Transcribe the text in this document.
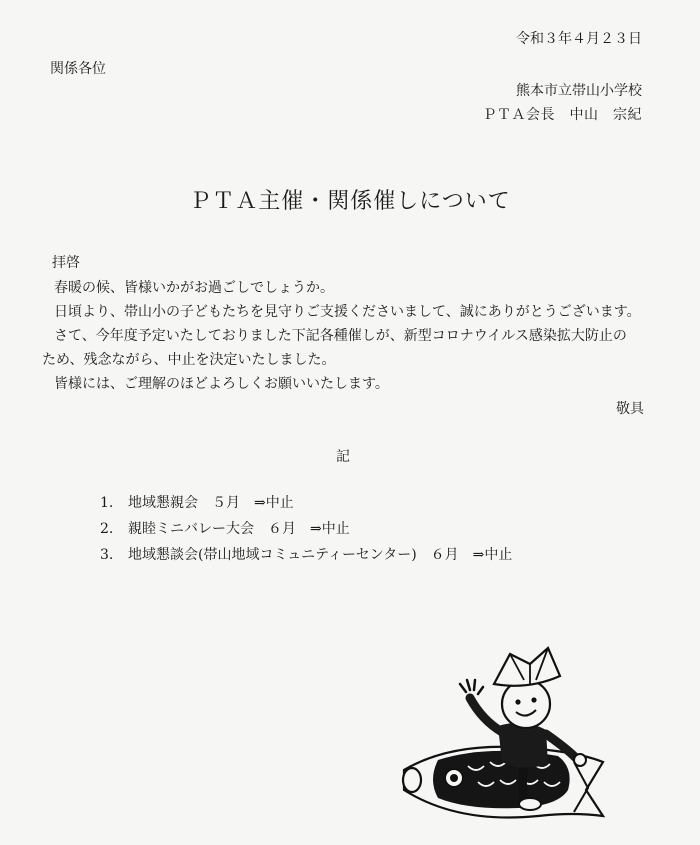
令和３年４月２３日
関係各位
熊本市立帯山小学校
ＰＴＡ会長　中山　宗紀
ＰＴＡ主催・関係催しについて
拝啓

春暖の候、皆様いかがお過ごしでしょうか。

日頃より、帯山小の子どもたちを見守りご支援くださいまして、誠にありがとうございます。

さて、今年度予定いたしておりました下記各種催しが、新型コロナウイルス感染拡大防止の

ため、残念ながら、中止を決定いたしました。

皆様には、ご理解のほどよろしくお願いいたします。

敬具
記
1. 地域懇親会　５月　⇒中止
2. 親睦ミニバレー大会　６月　⇒中止
3. 地域懇談会(帯山地域コミュニティーセンター)　６月　⇒中止
